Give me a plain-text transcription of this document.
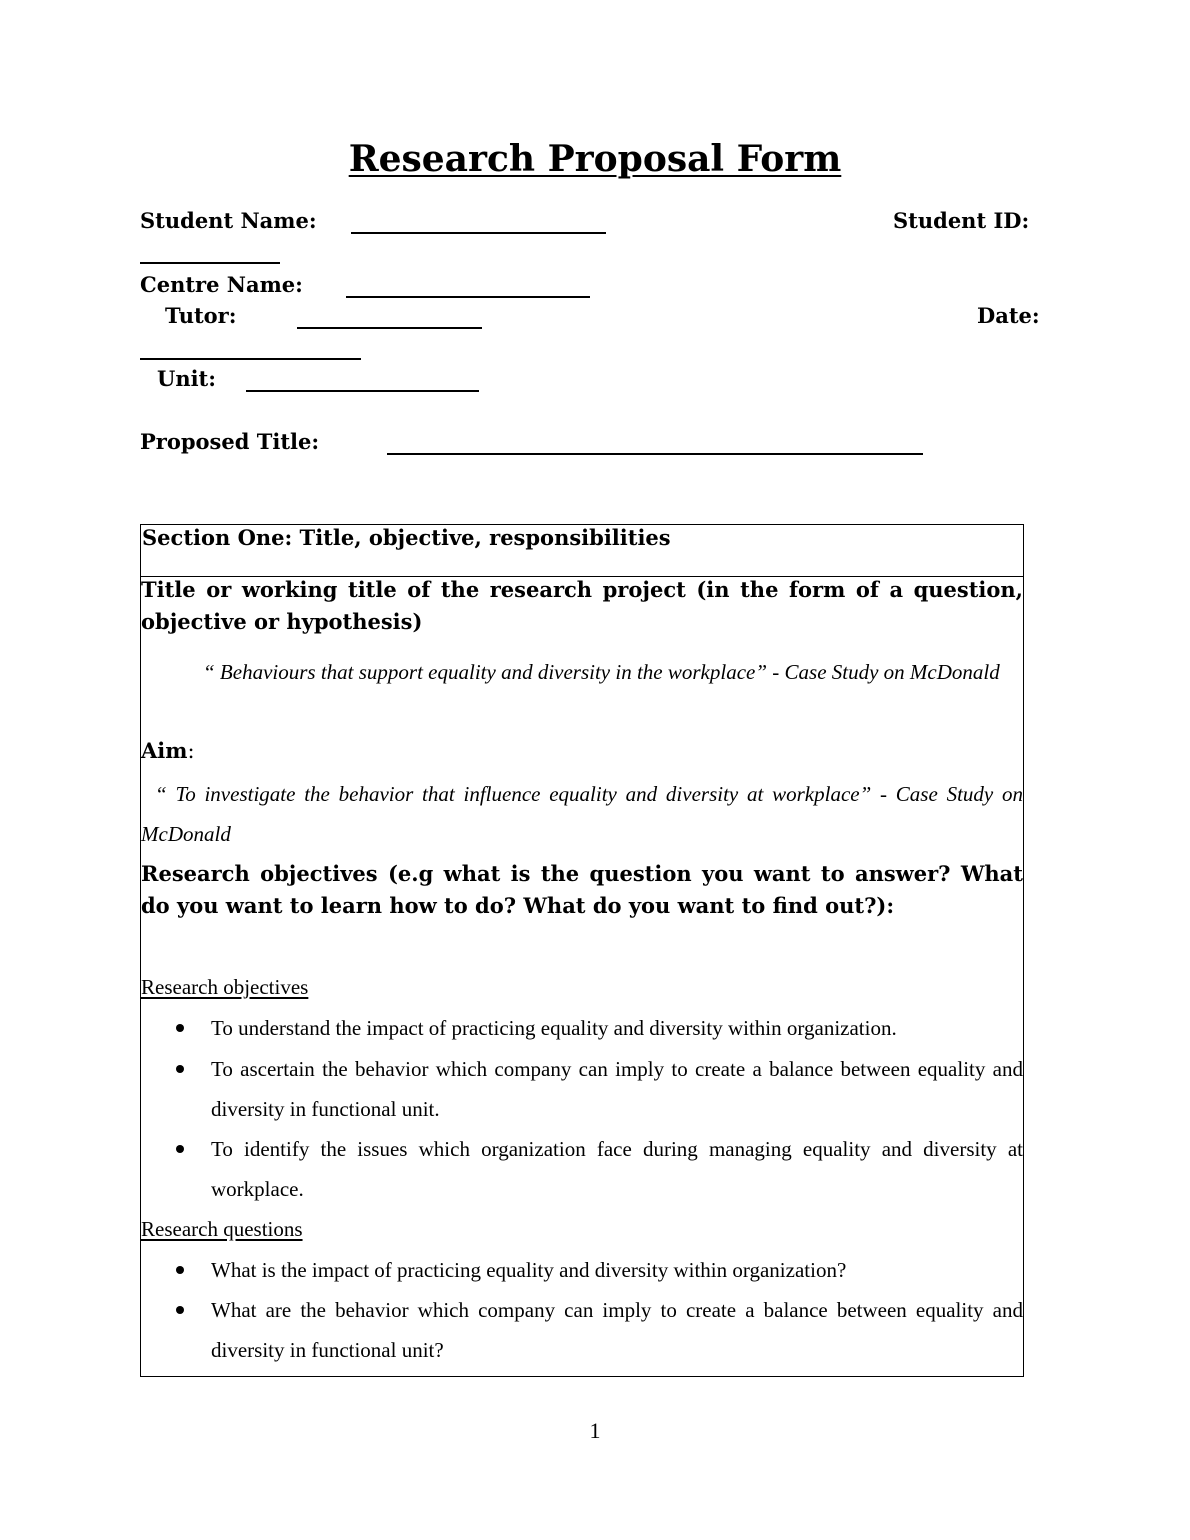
Research Proposal Form
Student Name:	Student ID:
Centre Name:
Tutor:	Date:
Unit:
Proposed Title:
Section One: Title, objective, responsibilities
Title or working title of the research project (in the form of a question, objective or hypothesis)
“ Behaviours that support equality and diversity in the workplace” - Case Study on McDonald
Aim:
“ To investigate the behavior that influence equality and diversity at workplace” - Case Study on McDonald
Research objectives (e.g what is the question you want to answer? What do you want to learn how to do? What do you want to find out?):
Research objectives
To understand the impact of practicing equality and diversity within organization.
To ascertain the behavior which company can imply to create a balance between equality and diversity in functional unit.
To identify the issues which organization face during managing equality and diversity at workplace.
Research questions
What is the impact of practicing equality and diversity within organization?
What are the behavior which company can imply to create a balance between equality and diversity in functional unit?
1
